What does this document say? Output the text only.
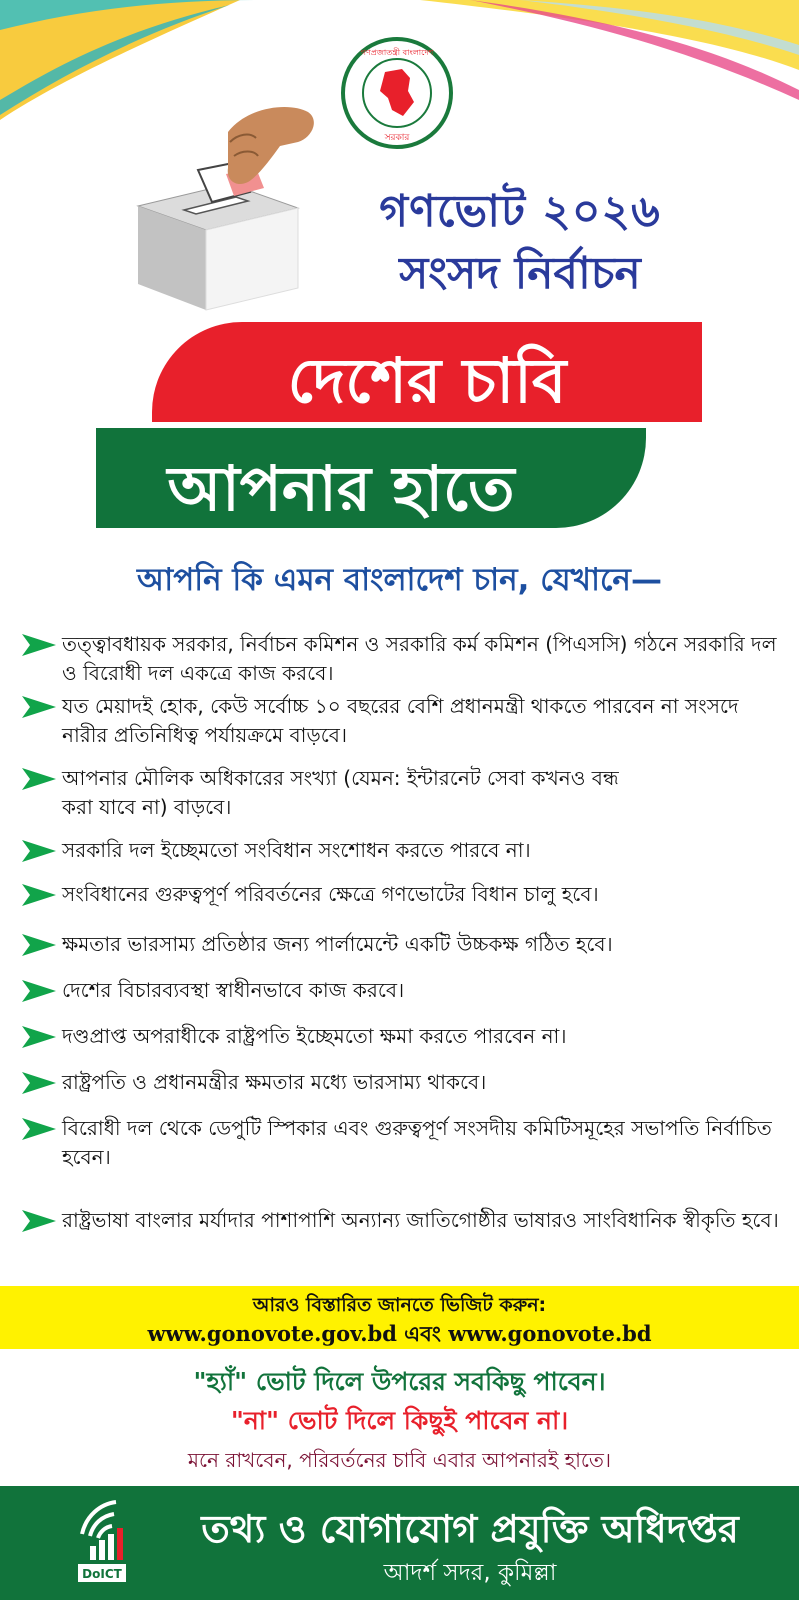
গণপ্রজাতন্ত্রী বাংলাদেশ
সরকার
গণভোট ২০২৬
সংসদ নির্বাচন
দেশের চাবি
আপনার হাতে
আপনি কি এমন বাংলাদেশ চান, যেখানে—
তত্ত্বাবধায়ক সরকার, নির্বাচন কমিশন ও সরকারি কর্ম কমিশন (পিএসসি) গঠনে সরকারি দল ও বিরোধী দল একত্রে কাজ করবে।
যত মেয়াদই হোক, কেউ সর্বোচ্চ ১০ বছরের বেশি প্রধানমন্ত্রী থাকতে পারবেন না সংসদে নারীর প্রতিনিধিত্ব পর্যায়ক্রমে বাড়বে।
আপনার মৌলিক অধিকারের সংখ্যা (যেমন: ইন্টারনেট সেবা কখনও বন্ধ করা যাবে না) বাড়বে।
সরকারি দল ইচ্ছেমতো সংবিধান সংশোধন করতে পারবে না।
সংবিধানের গুরুত্বপূর্ণ পরিবর্তনের ক্ষেত্রে গণভোটের বিধান চালু হবে।
ক্ষমতার ভারসাম্য প্রতিষ্ঠার জন্য পার্লামেন্টে একটি উচ্চকক্ষ গঠিত হবে।
দেশের বিচারব্যবস্থা স্বাধীনভাবে কাজ করবে।
দণ্ডপ্রাপ্ত অপরাধীকে রাষ্ট্রপতি ইচ্ছেমতো ক্ষমা করতে পারবেন না।
রাষ্ট্রপতি ও প্রধানমন্ত্রীর ক্ষমতার মধ্যে ভারসাম্য থাকবে।
বিরোধী দল থেকে ডেপুটি স্পিকার এবং গুরুত্বপূর্ণ সংসদীয় কমিটিসমূহের সভাপতি নির্বাচিত হবেন।
রাষ্ট্রভাষা বাংলার মর্যাদার পাশাপাশি অন্যান্য জাতিগোষ্ঠীর ভাষারও সাংবিধানিক স্বীকৃতি হবে।
আরও বিস্তারিত জানতে ভিজিট করুন:
www.gonovote.gov.bd এবং www.gonovote.bd
"হ্যাঁ" ভোট দিলে উপরের সবকিছু পাবেন।
"না" ভোট দিলে কিছুই পাবেন না।
মনে রাখবেন, পরিবর্তনের চাবি এবার আপনারই হাতে।
DoICT
তথ্য ও যোগাযোগ প্রযুক্তি অধিদপ্তর
আদর্শ সদর, কুমিল্লা
